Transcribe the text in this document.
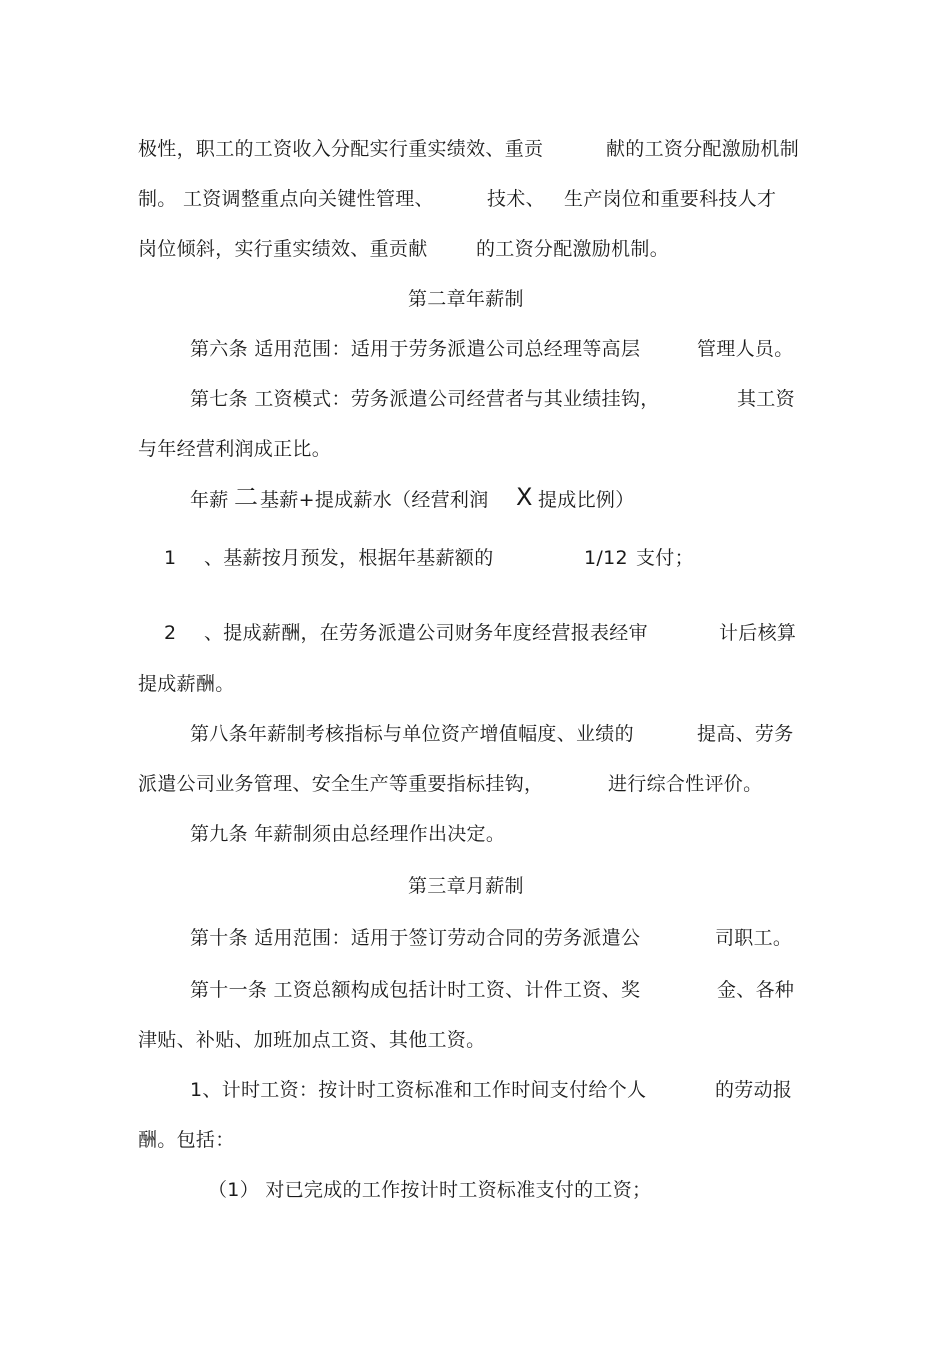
极性，职工的工资收入分配实行重实绩效、重贡	献的工资分配激励机制

制。 工资调整重点向关键性管理、	技术、 生产岗位和重要科技人才

岗位倾斜，实行重实绩效、重贡献	的工资分配激励机制。

第二章年薪制

第六条 适用范围：适用于劳务派遣公司总经理等高层	管理人员。

第七条 工资模式：劳务派遣公司经营者与其业绩挂钩，	其工资

与年经营利润成正比。

年薪 二 基薪+提成薪水（经营利润 X 提成比例）

1 、基薪按月预发，根据年基薪额的	1/12 支付；

2 、提成薪酬，在劳务派遣公司财务年度经营报表经审	计后核算

提成薪酬。

第八条年薪制考核指标与单位资产增值幅度、业绩的	提高、劳务

派遣公司业务管理、安全生产等重要指标挂钩，	进行综合性评价。

第九条 年薪制须由总经理作出决定。

第三章月薪制

第十条 适用范围：适用于签订劳动合同的劳务派遣公	司职工。

第十一条 工资总额构成包括计时工资、计件工资、奖	金、各种

津贴、补贴、加班加点工资、其他工资。

1、计时工资：按计时工资标准和工作时间支付给个人	的劳动报

酬。包括：

（1） 对已完成的工作按计时工资标准支付的工资；
